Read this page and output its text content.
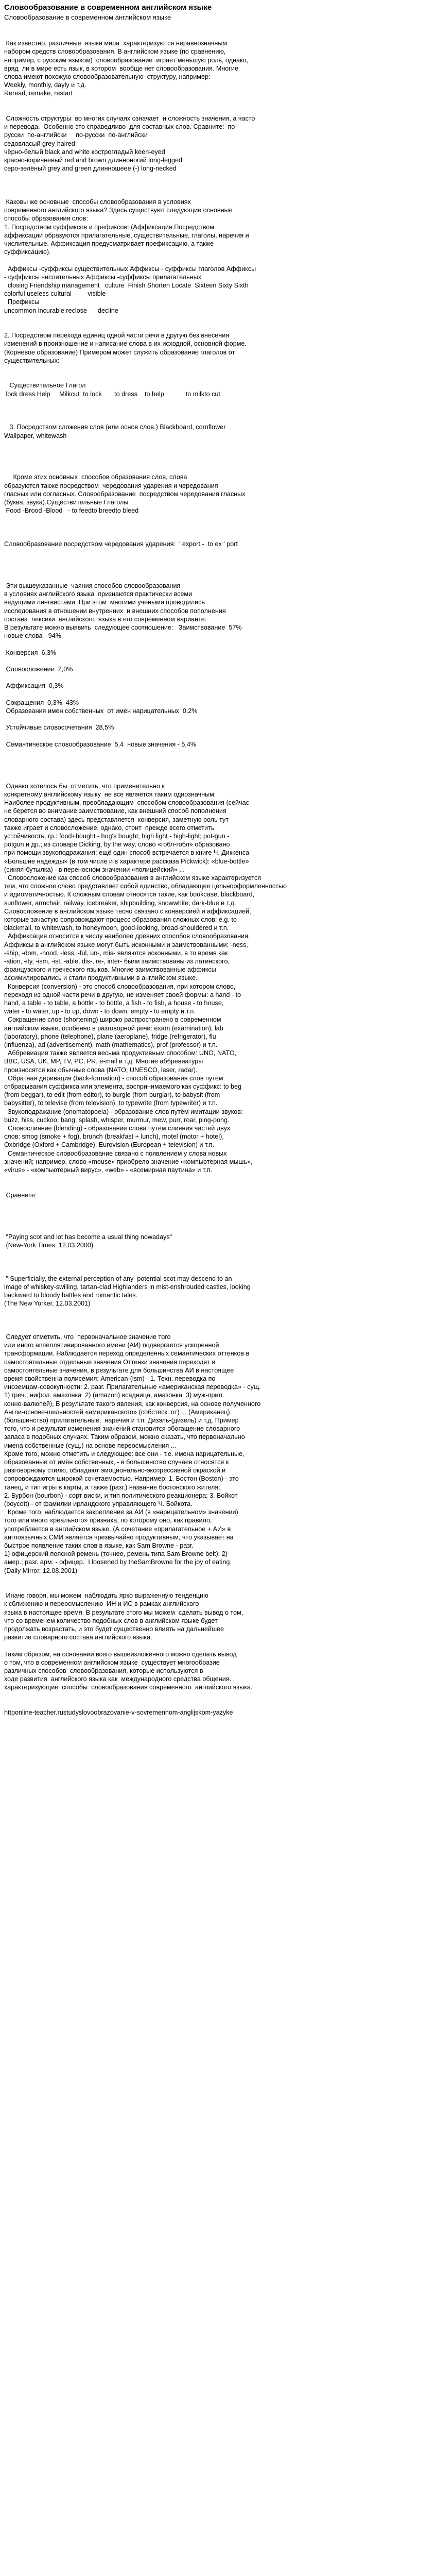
Словообразование в современном английском языке
Словообразование в современном английском языке
Как известно, различные  языки мира  характеризуются неравнозначным
набором средств словообразования. В английском языке (по сравнению,
например, с русским языком)  словообразование  играет меньшую роль, однако,
вряд  ли в мире есть язык, в котором  вообще нет словообразования. Многие
слова имеют похожую словообразовательную  структуру, например:
Weekly, monthly, dayly и т.д.
Reread, remake, restart
Сложность структуры  во многих случаях означает  и сложность значения, а часто
и перевода.  Особенно это справедливо  для составных слов. Сравните:  по-
русски  по-английски     по-русски  по-английски
седовласый grey-haired
чёрно-белый black and white кострогладый keen-eyed
красно-коричневый red and brown длинноногий long-legged
серо-зелёный grey and green длинношеее (-) long-necked
Каковы же основные  способы словообразования в условиях
современного английского языка? Здесь существуют следующие основные
способы образования слов:
1. Посредством суффиксов и префиксов: (Аффиксация Посредством
аффиксации образуются прилагательные, существительные, глаголы, наречия и
числительные. Аффиксация предусматривает префиксацию, а также
суффиксацию).
Аффиксы -суффиксы существительных Аффиксы - суффиксы глаголов Аффиксы
- суффиксы числительных Аффиксы -суффиксы прилагательных
closing Friendship management   culture  Finish Shorten Locate  Sixteen Sixty Sixth
colorful useless cultural         visible
Префиксы
uncommon incurable reclose      decline
2. Посредством перехода единиц одной части речи в другую без внесения
изменений в произношение и написание слова в их исходной, основной форме.
(Корневое образование) Примером может служить образование глаголов от
существительных:
Существительное Глагол
lock dress Help     Milkcut  to lock       to dress    to help            to milkto cut
3. Посредством сложения слов (или основ слов.) Blackboard, cornflower
Wallpaper, whitewash
Кроме этих основных  способов образования слов, слова
образуются также посредством  чередования ударения и чередования
гласных или согласных. Словообразование  посредством чередования гласных
(буква, звука).Существительные Глаголы
Food -Brood -Blood   - to feedto breedto bleed
Словообразование посредством чередования ударения:  ' export -  to ex ' port
Эти вышеуказанные  чаяния способов словообразования
в условиях английского языка  признаются практически всеми
ведущими лингвистами. При этом  многими учеными проводились
исследования в отношении внутренних  и внешних способов пополнения
состава  лексики  английского  языка в его современном варианте.
В результате можно выявить  следующее соотношение:   Заимствование  57%
новые слова - 94%
Конверсия  6,3%
Словосложение  2,0%
Аффиксация  0,3%
Сокращения  0,3%  43%
Образования имен собственных  от имен нарицательных  0,2%
Устойчивые словосочетания  28,5%
Семантическое словообразование  5,4  новые значения - 5,4%
Однако хотелось бы  отметить, что применительно к
конкретному английскому языку  не все является таким однозначным.
Наиболее продуктивным, преобладающим  способом словообразования (сейчас
не берется во внимание заимствование, как внешний способ пополнения
словарного состава) здесь представляется  конверсия, заметную роль тут
также играет и словосложение, однако, стоит  прежде всего отметить
устойчивость, гр.: food+bought - hog's bought; high light - high-light; pot-gun -
potgun и др.; из словаре Dicking, by the way, слово «гобл-гобл» образовано
при помощи звукоподражания; ещё один способ встречается в книге Ч. Диккенса
«Большие надежды» (в том числе и в характере рассказа Pickwick): «blue-bottle»
(синяя-бутылка) - в переносном значении «полицейский» ...
Словосложение как способ словообразования в английском языке характеризуется
тем, что сложное слово представляет собой единство, обладающее цельнооформленностью
и идиоматичностью. К сложным словам относятся такие, как bookcase, blackboard,
sunflower, armchair, railway, icebreaker, shipbuilding, snowwhite, dark-blue и т.д.
Словосложение в английском языке тесно связано с конверсией и аффиксацией,
которые зачастую сопровождают процесс образования сложных слов: e.g. to
blackmail, to whitewash, to honeymoon, good-looking, broad-shouldered и т.п.
Аффиксация относится к числу наиболее древних способов словообразования.
Аффиксы в английском языке могут быть исконными и заимствованными: -ness,
-ship, -dom, -hood, -less, -ful, un-, mis- являются исконными, в то время как
-ation, -ity, -ism, -ist, -able, dis-, re-, inter- были заимствованы из латинского,
французского и греческого языков. Многие заимствованные аффиксы
ассимилировались и стали продуктивными в английском языке.
Конверсия (conversion) - это способ словообразования, при котором слово,
переходя из одной части речи в другую, не изменяет своей формы: a hand - to
hand, a table - to table, a bottle - to bottle, a fish - to fish, a house - to house,
water - to water, up - to up, down - to down, empty - to empty и т.п.
Сокращение слов (shortening) широко распространено в современном
английском языке, особенно в разговорной речи: exam (examination), lab
(laboratory), phone (telephone), plane (aeroplane), fridge (refrigerator), flu
(influenza), ad (advertisement), math (mathematics), prof (professor) и т.п.
Аббревиация также является весьма продуктивным способом: UNO, NATO,
BBC, USA, UK, MP, TV, PC, PR, e-mail и т.д. Многие аббревиатуры
произносятся как обычные слова (NATO, UNESCO, laser, radar).
Обратная деривация (back-formation) - способ образования слов путём
отбрасывания суффикса или элемента, воспринимаемого как суффикс: to beg
(from beggar), to edit (from editor), to burgle (from burglar), to babysit (from
babysitter), to televise (from television), to typewrite (from typewriter) и т.п.
Звукоподражание (onomatopoeia) - образование слов путём имитации звуков:
buzz, hiss, cuckoo, bang, splash, whisper, murmur, mew, purr, roar, ping-pong.
Словослияние (blending) - образование слова путём слияния частей двух
слов: smog (smoke + fog), brunch (breakfast + lunch), motel (motor + hotel),
Oxbridge (Oxford + Cambridge), Eurovision (European + television) и т.п.
Семантическое словообразование связано с появлением у слова новых
значений; например, слово «mouse» приобрело значение «компьютерная мышь»,
«virus» - «компьютерный вирус», «web» - «всемирная паутина» и т.п.
Сравните:
"Paying scot and lot has become a usual thing nowadays"
(New-York Times. 12.03.2000)
" Superficially, the external perception of any  potential scot may descend to an
image of whiskey-swilling, tartan-clad Highlanders in mist-enshrouded castles, looking
backward to bloody battles and romantic tales.
(The New Yorker. 12.03.2001)
Следует отметить, что  первоначальное значение того
или иного аппеллятивированного имени (АИ) подвергается ускоренной
трансформации. Наблюдается переход определенных семантических оттенков в
самостоятельные отдельные значения Оттенки значения переходят в
самостоятельные значения, в результате для большинства АИ в настоящее
время свойственна полисемия: American-(ism) - 1. Техн. переводка по
иноземцам-совокупности: 2. разг. Прилагательные «американская переводка» - сущ.
1) греч.; нифол. амазонка  2) (amazon) всадница, амазонка  3) муж-прил.
конно-валюпей), В результате такого явления, как конверсия, на основе полученного
Англи-основе-шельностей «американского» (собстеск. от) ... (Американец).
(большинство) прилагательные,  наречия и т.п. Дизэль-(дизель) и т.д. Пример
того, что и результат изменения значений становится обогащение словарного
запаса в подобных случаях. Таким образом, можно сказать, что первоначально
имена собственные (сущ.) на основе переосмысления ...
Кроме того, можно отметить и следующее: все они - т.е. имена нарицательные,
образованные от имён собственных, - в большинстве случаев относятся к
разговорному стилю, обладают эмоционально-экспрессивной окраской и
сопровождаются широкой сочетаемостью. Например: 1. Бостон (Boston) - это
танец, и тип игры в карты, а также (разг.) название бостонского жителя;
2. Бурбон (bourbon) - сорт виски, и тип политического реакционера; 3. Бойкот
(boycott) - от фамилии ирландского управляющего Ч. Бойкота.
Кроме того, наблюдается закрепление за АИ (в «нарицательном» значении)
того или иного «реального» признака, по которому оно, как правило,
употребляется в английском языке. (А сочетание «прилагательное + АИ» в
англоязычных СМИ является чрезвычайно продуктивным, что указывает на
быстрое появление таких слов в языке, как Sam Browne - разг.
1) офицерский поясной ремень (точнее, ремень типа Sam Browne belt); 2)
амер.; разг. арм. - офицер.  I loosened by theSamBrowne for the joy of eating.
(Daily Mirror. 12.08.2001)
Иначе говоря, мы можем  наблюдать ярко выраженную тенденцию
к сближению и переосмыслению  ИН и ИС в рамках английского
языка в настоящее время. В результате этого мы можем  сделать вывод о том,
что со временем количество подобных слов в английском языке будет
продолжать возрастать, и это будет существенно влиять на дальнейшее
развитие словарного состава английского языка.
Таким образом, на основании всего вышеизложенного можно сделать вывод
о том, что в современном английском языке  существует многообразие
различных способов  словообразования, которые используются в
ходе развития  английского языка как  международного средства общения.
характеризующие  способы  словообразования современного  английского языка.
httponline-teacher.rustudyslovoobrazovanie-v-sovremennom-anglijskom-yazyke
